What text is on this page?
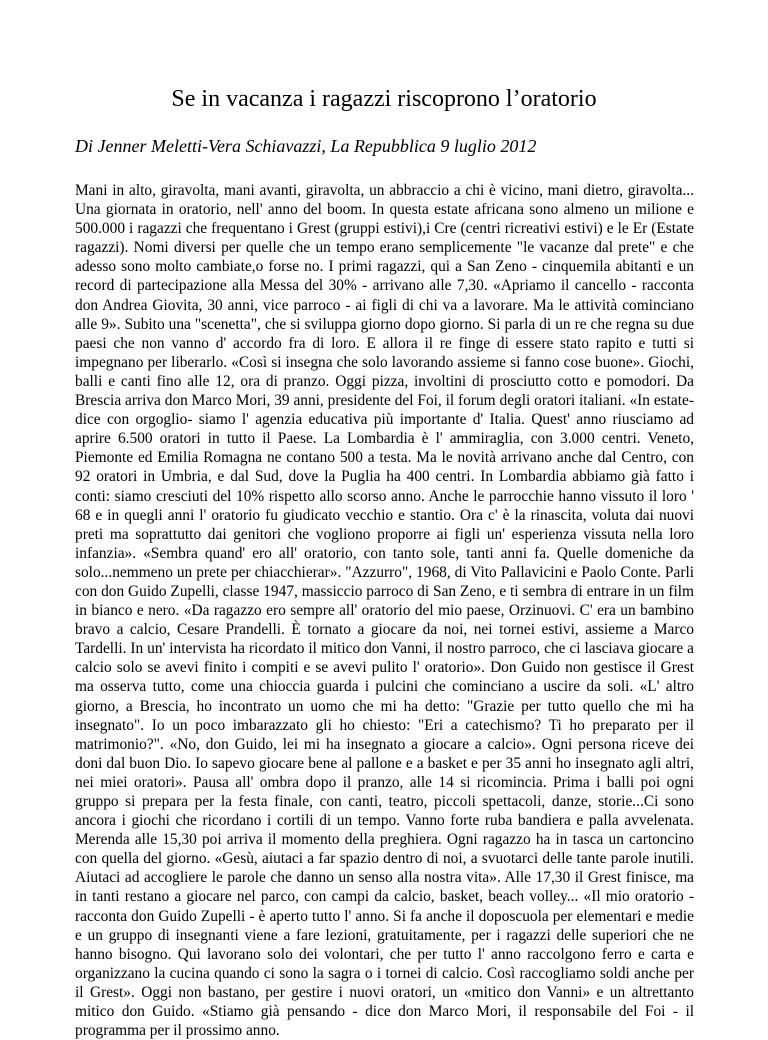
Se in vacanza i ragazzi riscoprono l’oratorio

Di Jenner Meletti-Vera Schiavazzi, La Repubblica 9 luglio 2012

Mani in alto, giravolta, mani avanti, giravolta, un abbraccio a chi è vicino, mani dietro, giravolta... Una giornata in oratorio, nell' anno del boom. In questa estate africana sono almeno un milione e 500.000 i ragazzi che frequentano i Grest (gruppi estivi),i Cre (centri ricreativi estivi) e le Er (Estate ragazzi). Nomi diversi per quelle che un tempo erano semplicemente "le vacanze dal prete" e che adesso sono molto cambiate,o forse no. I primi ragazzi, qui a San Zeno - cinquemila abitanti e un record di partecipazione alla Messa del 30% - arrivano alle 7,30. «Apriamo il cancello - racconta don Andrea Giovita, 30 anni, vice parroco - ai figli di chi va a lavorare. Ma le attività cominciano alle 9». Subito una "scenetta", che si sviluppa giorno dopo giorno. Si parla di un re che regna su due paesi che non vanno d' accordo fra di loro. E allora il re finge di essere stato rapito e tutti si impegnano per liberarlo. «Così si insegna che solo lavorando assieme si fanno cose buone». Giochi, balli e canti fino alle 12, ora di pranzo. Oggi pizza, involtini di prosciutto cotto e pomodori. Da Brescia arriva don Marco Mori, 39 anni, presidente del Foi, il forum degli oratori italiani. «In estate- dice con orgoglio- siamo l' agenzia educativa più importante d' Italia. Quest' anno riusciamo ad aprire 6.500 oratori in tutto il Paese. La Lombardia è l' ammiraglia, con 3.000 centri. Veneto, Piemonte ed Emilia Romagna ne contano 500 a testa. Ma le novità arrivano anche dal Centro, con 92 oratori in Umbria, e dal Sud, dove la Puglia ha 400 centri. In Lombardia abbiamo già fatto i conti: siamo cresciuti del 10% rispetto allo scorso anno. Anche le parrocchie hanno vissuto il loro ' 68 e in quegli anni l' oratorio fu giudicato vecchio e stantio. Ora c' è la rinascita, voluta dai nuovi preti ma soprattutto dai genitori che vogliono proporre ai figli un' esperienza vissuta nella loro infanzia». «Sembra quand' ero all' oratorio, con tanto sole, tanti anni fa. Quelle domeniche da solo...nemmeno un prete per chiacchierar». "Azzurro", 1968, di Vito Pallavicini e Paolo Conte. Parli con don Guido Zupelli, classe 1947, massiccio parroco di San Zeno, e ti sembra di entrare in un film in bianco e nero. «Da ragazzo ero sempre all' oratorio del mio paese, Orzinuovi. C' era un bambino bravo a calcio, Cesare Prandelli. È tornato a giocare da noi, nei tornei estivi, assieme a Marco Tardelli. In un' intervista ha ricordato il mitico don Vanni, il nostro parroco, che ci lasciava giocare a calcio solo se avevi finito i compiti e se avevi pulito l' oratorio». Don Guido non gestisce il Grest ma osserva tutto, come una chioccia guarda i pulcini che cominciano a uscire da soli. «L' altro giorno, a Brescia, ho incontrato un uomo che mi ha detto: "Grazie per tutto quello che mi ha insegnato". Io un poco imbarazzato gli ho chiesto: "Eri a catechismo? Ti ho preparato per il matrimonio?". «No, don Guido, lei mi ha insegnato a giocare a calcio». Ogni persona riceve dei doni dal buon Dio. Io sapevo giocare bene al pallone e a basket e per 35 anni ho insegnato agli altri, nei miei oratori». Pausa all' ombra dopo il pranzo, alle 14 si ricomincia. Prima i balli poi ogni gruppo si prepara per la festa finale, con canti, teatro, piccoli spettacoli, danze, storie...Ci sono ancora i giochi che ricordano i cortili di un tempo. Vanno forte ruba bandiera e palla avvelenata. Merenda alle 15,30 poi arriva il momento della preghiera. Ogni ragazzo ha in tasca un cartoncino con quella del giorno. «Gesù, aiutaci a far spazio dentro di noi, a svuotarci delle tante parole inutili. Aiutaci ad accogliere le parole che danno un senso alla nostra vita». Alle 17,30 il Grest finisce, ma in tanti restano a giocare nel parco, con campi da calcio, basket, beach volley... «Il mio oratorio - racconta don Guido Zupelli - è aperto tutto l' anno. Si fa anche il doposcuola per elementari e medie e un gruppo di insegnanti viene a fare lezioni, gratuitamente, per i ragazzi delle superiori che ne hanno bisogno. Qui lavorano solo dei volontari, che per tutto l' anno raccolgono ferro e carta e organizzano la cucina quando ci sono la sagra o i tornei di calcio. Così raccogliamo soldi anche per il Grest». Oggi non bastano, per gestire i nuovi oratori, un «mitico don Vanni» e un altrettanto mitico don Guido. «Stiamo già pensando - dice don Marco Mori, il responsabile del Foi - il programma per il prossimo anno.
